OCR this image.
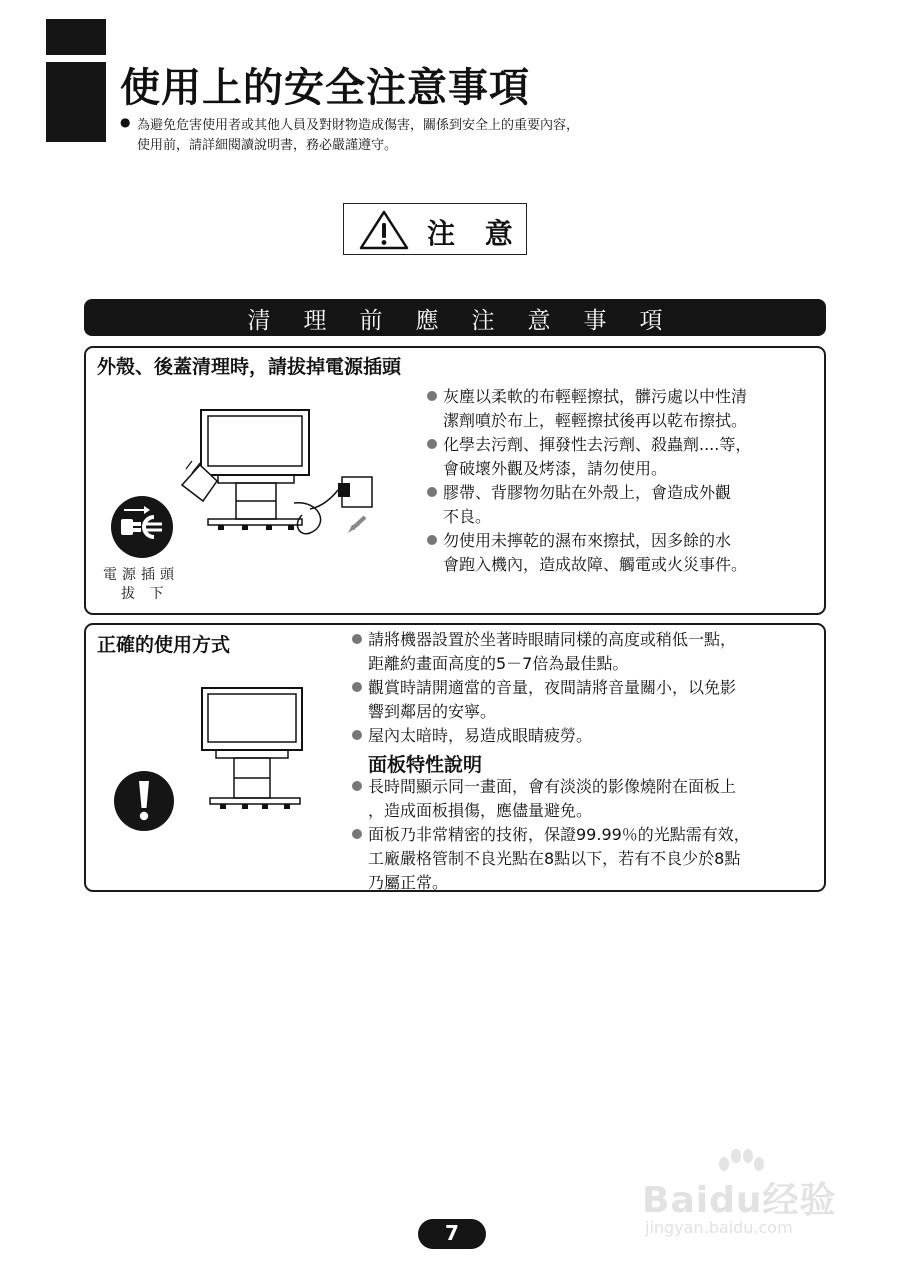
使用上的安全注意事項
● 為避免危害使用者或其他人員及對財物造成傷害，關係到安全上的重要內容，
使用前，請詳細閱讀說明書，務必嚴謹遵守。
注 意
清理前應注意事項
外殼、後蓋清理時，請拔掉電源插頭
電源插頭
拔 下
灰塵以柔軟的布輕輕擦拭，髒污處以中性清
潔劑噴於布上，輕輕擦拭後再以乾布擦拭。
化學去污劑、揮發性去污劑、殺蟲劑....等，
會破壞外觀及烤漆，請勿使用。
膠帶、背膠物勿貼在外殼上，會造成外觀
不良。
勿使用未擰乾的濕布來擦拭，因多餘的水
會跑入機內，造成故障、觸電或火災事件。
正確的使用方式	請將機器設置於坐著時眼睛同樣的高度或稍低一點，
距離約畫面高度的5－7倍為最佳點。
觀賞時請開適當的音量，夜間請將音量關小，以免影
響到鄰居的安寧。
屋內太暗時，易造成眼睛疲勞。
面板特性說明
長時間顯示同一畫面，會有淡淡的影像燒附在面板上
，造成面板損傷，應儘量避免。
面板乃非常精密的技術，保證99.99％的光點需有效，
工廠嚴格管制不良光點在8點以下，若有不良少於8點
乃屬正常。
Baidu经验
jingyan.baidu.com
7
